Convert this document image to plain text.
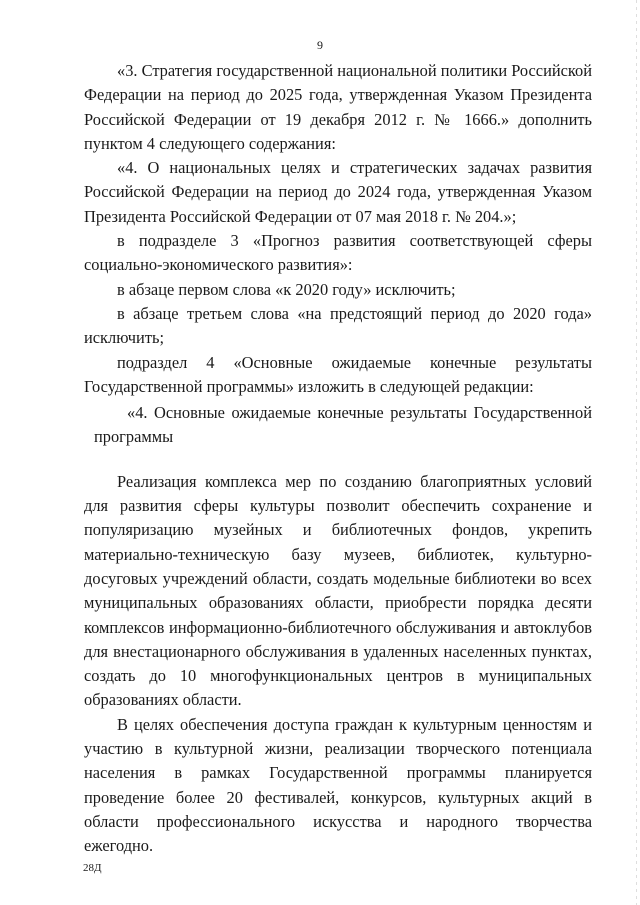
9

«3. Стратегия государственной национальной политики Российской Федерации на период до 2025 года, утвержденная Указом Президента Российской Федерации от 19 декабря 2012 г. № 1666.» дополнить пунктом 4 следующего содержания:

«4. О национальных целях и стратегических задачах развития Российской Федерации на период до 2024 года, утвержденная Указом Президента Российской Федерации от 07 мая 2018 г. № 204.»;

в подразделе 3 «Прогноз развития соответствующей сферы социально-экономического развития»:

в абзаце первом слова «к 2020 году» исключить;

в абзаце третьем слова «на предстоящий период до 2020 года» исключить;

подраздел 4 «Основные ожидаемые конечные результаты Государственной программы» изложить в следующей редакции:

«4. Основные ожидаемые конечные результаты Государственной программы

Реализация комплекса мер по созданию благоприятных условий для развития сферы культуры позволит обеспечить сохранение и популяризацию музейных и библиотечных фондов, укрепить материально-техническую базу музеев, библиотек, культурно-досуговых учреждений области, создать модельные библиотеки во всех муниципальных образованиях области, приобрести порядка десяти комплексов информационно-библиотечного обслуживания и автоклубов для внестационарного обслуживания в удаленных населенных пунктах, создать до 10 многофункциональных центров в муниципальных образованиях области.

В целях обеспечения доступа граждан к культурным ценностям и участию в культурной жизни, реализации творческого потенциала населения в рамках Государственной программы планируется проведение более 20 фестивалей, конкурсов, культурных акций в области профессионального искусства и народного творчества ежегодно.

28Д
